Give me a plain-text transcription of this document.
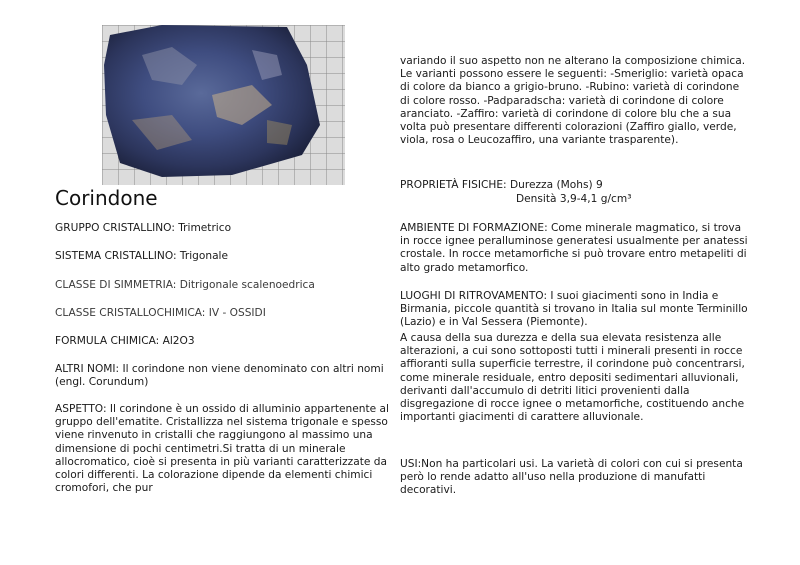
Corindone

GRUPPO CRISTALLINO: Trimetrico

SISTEMA CRISTALLINO: Trigonale

CLASSE DI SIMMETRIA: Ditrigonale scalenoedrica

CLASSE CRISTALLOCHIMICA: IV - OSSIDI

FORMULA CHIMICA: Al2O3

ALTRI NOMI: Il corindone non viene denominato con altri nomi (engl. Corundum)

ASPETTO: Il corindone è un ossido di alluminio appartenente al gruppo dell'ematite. Cristallizza nel sistema trigonale e spesso viene rinvenuto in cristalli che raggiungono al massimo una dimensione di pochi centimetri.Si tratta di un minerale allocromatico, cioè si presenta in più varianti caratterizzate da colori differenti. La colorazione dipende da elementi chimici cromofori, che pur

variando il suo aspetto non ne alterano la composizione chimica. Le varianti possono essere le seguenti: -Smeriglio: varietà opaca di colore da bianco a grigio-bruno. -Rubino: varietà di corindone di colore rosso. -Padparadscha: varietà di corindone di colore aranciato. -Zaffiro: varietà di corindone di colore blu che a sua volta può presentare differenti colorazioni (Zaffiro giallo, verde, viola, rosa o Leucozaffiro, una variante trasparente).

PROPRIETÀ FISICHE: Durezza (Mohs) 9

Densità 3,9-4,1 g/cm³

AMBIENTE DI FORMAZIONE: Come minerale magmatico, si trova in rocce ignee peralluminose generatesi usualmente per anatessi crostale. In rocce metamorfiche si può trovare entro metapeliti di alto grado metamorfico.

LUOGHI DI RITROVAMENTO: I suoi giacimenti sono in India e Birmania, piccole quantità si trovano in Italia sul monte Terminillo (Lazio) e in Val Sessera (Piemonte).

A causa della sua durezza e della sua elevata resistenza alle alterazioni, a cui sono sottoposti tutti i minerali presenti in rocce affioranti sulla superficie terrestre, il corindone può concentrarsi, come minerale residuale, entro depositi sedimentari alluvionali, derivanti dall'accumulo di detriti litici provenienti dalla disgregazione di rocce ignee o metamorfiche, costituendo anche importanti giacimenti di carattere alluvionale.

USI:Non ha particolari usi. La varietà di colori con cui si presenta però lo rende adatto all'uso nella produzione di manufatti decorativi.
